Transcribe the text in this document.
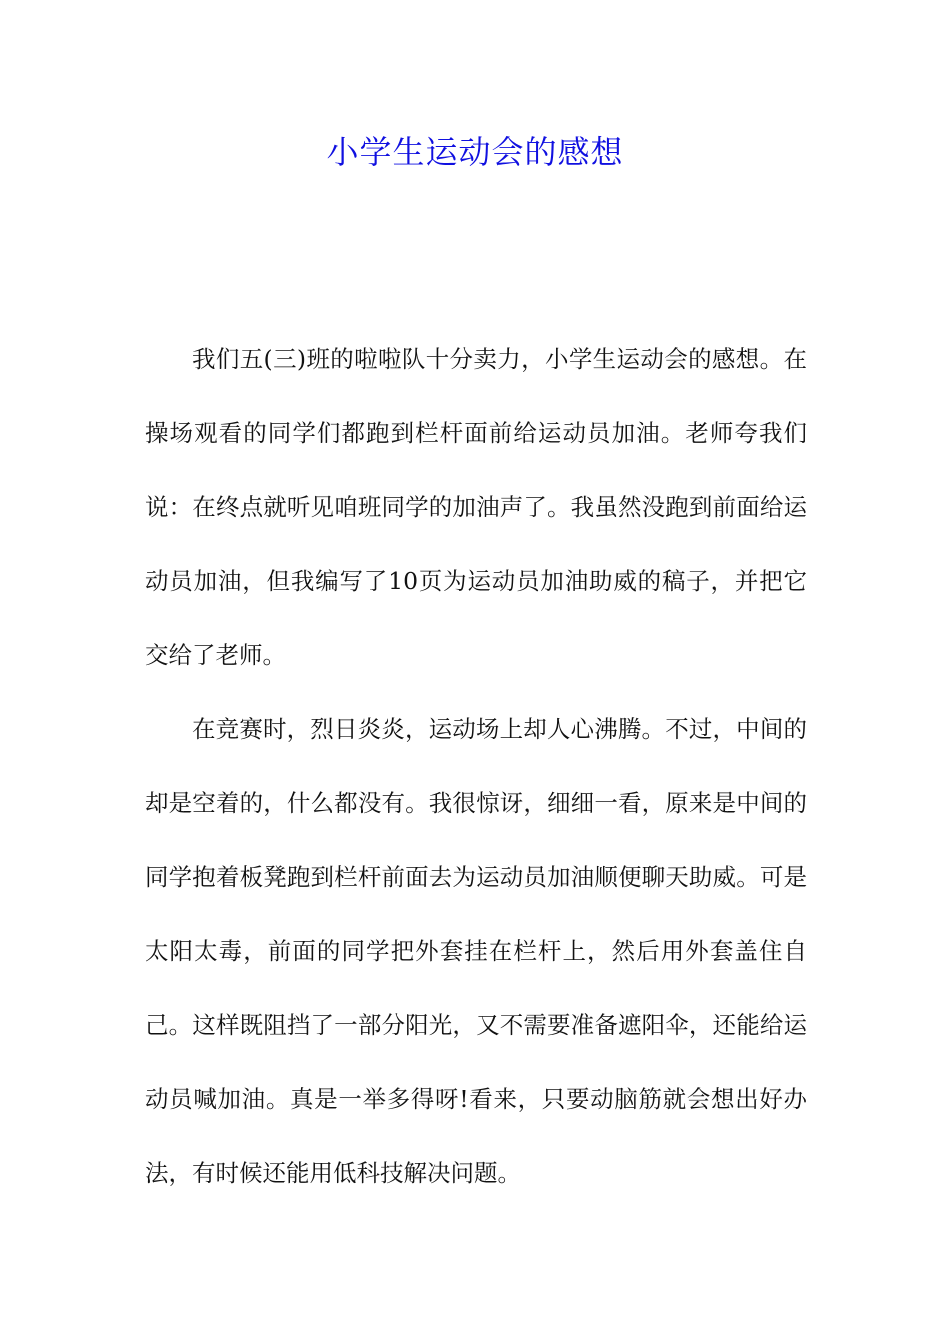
小学生运动会的感想

我们五(三)班的啦啦队十分卖力，小学生运动会的感想。在操场观看的同学们都跑到栏杆面前给运动员加油。老师夸我们说：在终点就听见咱班同学的加油声了。我虽然没跑到前面给运动员加油，但我编写了10页为运动员加油助威的稿子，并把它交给了老师。

在竞赛时，烈日炎炎，运动场上却人心沸腾。不过，中间的却是空着的，什么都没有。我很惊讶，细细一看，原来是中间的同学抱着板凳跑到栏杆前面去为运动员加油顺便聊天助威。可是太阳太毒，前面的同学把外套挂在栏杆上，然后用外套盖住自己。这样既阻挡了一部分阳光，又不需要准备遮阳伞，还能给运动员喊加油。真是一举多得呀!看来，只要动脑筋就会想出好办法，有时候还能用低科技解决问题。
